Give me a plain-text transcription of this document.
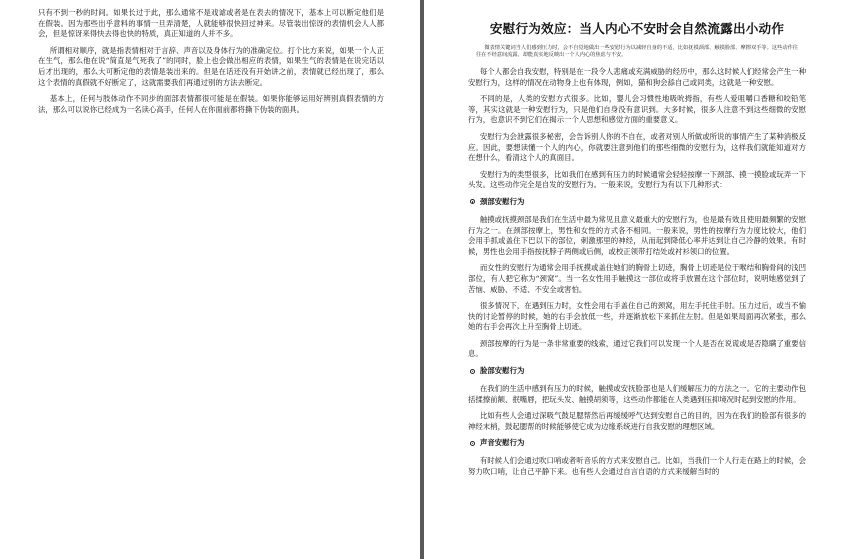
只有不到一秒的时间。如果长过于此，那么通常不是戏谑或者是在表去的情况下，基本上可以断定他们是在假装。因为那些出乎意料的事情一旦弄清楚，人就能够很快回过神来。尽管装出惊讶的表情机会人人都会，但是惊讶来得快去得也快的特质，真正知道的人并不多。

所谓相对顺序，就是指表情相对于言辞、声音以及身体行为的准确定位。打个比方来说，如果一个人正在生气，那么他在说“简直是气死我了”的同时，脸上也会做出相应的表情，如果生气的表情是在说完话以后才出现的，那么大可断定他的表情是装出来的。但是在话还没有开始讲之前，表情就已经出现了，那么这个表情的真假就不好断定了，这就需要我们再通过别的方法去断定。

基本上，任何与肢体动作不同步的面部表情都很可能是在假装。如果你能够运用好辨别真假表情的方法，那么可以说你已经成为一名读心高手，任何人在你面前都将撕下伪装的面具。

安慰行为效应：当人内心不安时会自然流露出小动作

微表情关键词当人们感到压力时，会不自觉地做出一些安慰行为以减轻自身的不适，比如抚摸颈部、触摸脸部、摩擦双手等。这些动作往往在不经意间流露，却能真实地反映出一个人内心的焦虑与不安。

每个人都会自我安慰，特别是在一段令人悲痛或充满威胁的经历中，那么这时候人们经常会产生一种安慰行为，这样的情况在动物身上也有体现，例如，猫和狗会舔自己或同类，这就是一种安慰。

不同的是，人类的安慰方式很多。比如，婴儿会习惯性地吸吮拇指，有些人爱咀嚼口香糖和咬铅笔等，其实这就是一种安慰行为，只是他们自身没有意识到。大多时候，很多人注意不到这些细微的安慰行为，也意识不到它们在揭示一个人思想和感觉方面的重要意义。

安慰行为会泄露很多秘密，会告诉别人你的不自在，或者对别人所做或所说的事情产生了某种消极反应。因此，要想读懂一个人的内心，你就要注意到他们的那些细微的安慰行为，这样我们就能知道对方在想什么，看清这个人的真面目。

安慰行为的类型很多，比如我们在感到有压力的时候通常会轻轻按摩一下颈部、摸一摸脸或玩弄一下头发。这些动作完全是自发的安慰行为。一般来说，安慰行为有以下几种形式：

颈部安慰行为

触摸或抚摸颈部是我们在生活中最为常见且意义最重大的安慰行为，也是最有效且使用最频繁的安慰行为之一。在颈部按摩上，男性和女性的方式各不相同。一般来说，男性的按摩行为力度比较大，他们会用手抓或盖住下巴以下的部位，刺激那里的神经，从而起到降低心率并达到让自己冷静的效果。有时候，男性也会用手指按抚脖子两侧或后侧，或校正领带打结处或衬衫领口的位置。

而女性的安慰行为通常会用手抚摸或盖住她们的胸骨上切迹，胸骨上切迹是位于喉结和胸骨间的浅凹部位，有人把它称为“颈窝”。当一名女性用手触摸这一部位或将手放置在这个部位时，说明她感觉到了苦恼、威胁、不适、不安全或害怕。

很多情况下，在遇到压力时，女性会用右手盖住自己的颈窝，用左手托住手肘。压力过后，或当不愉快的讨论暂停的时候，她的右手会放低一些，并逐渐放松下来抓住左肘。但是如果局面再次紧张，那么她的右手会再次上升至胸骨上切迹。

颈部按摩的行为是一条非常重要的线索，通过它我们可以发现一个人是否在说谎或是否隐瞒了重要信息。

脸部安慰行为

在我们的生活中感到有压力的时候，触摸或安抚脸部也是人们缓解压力的方法之一。它的主要动作包括揉擦前额、抿嘴唇，把玩头发、触摸胡须等，这些动作都能在人类遇到压抑境况时起到安慰的作用。

比如有些人会通过深吸气鼓足腮帮然后再缓缓呼气达到安慰自己的目的，因为在我们的脸部有很多的神经末梢，鼓起腮帮的时候能够使它成为边缘系统进行自我安慰的理想区域。

声音安慰行为

有时候人们会通过吹口哨或者听音乐的方式来安慰自己。比如，当我们一个人行走在路上的时候，会努力吹口哨，让自己平静下来。也有些人会通过自言自语的方式来缓解当时的
